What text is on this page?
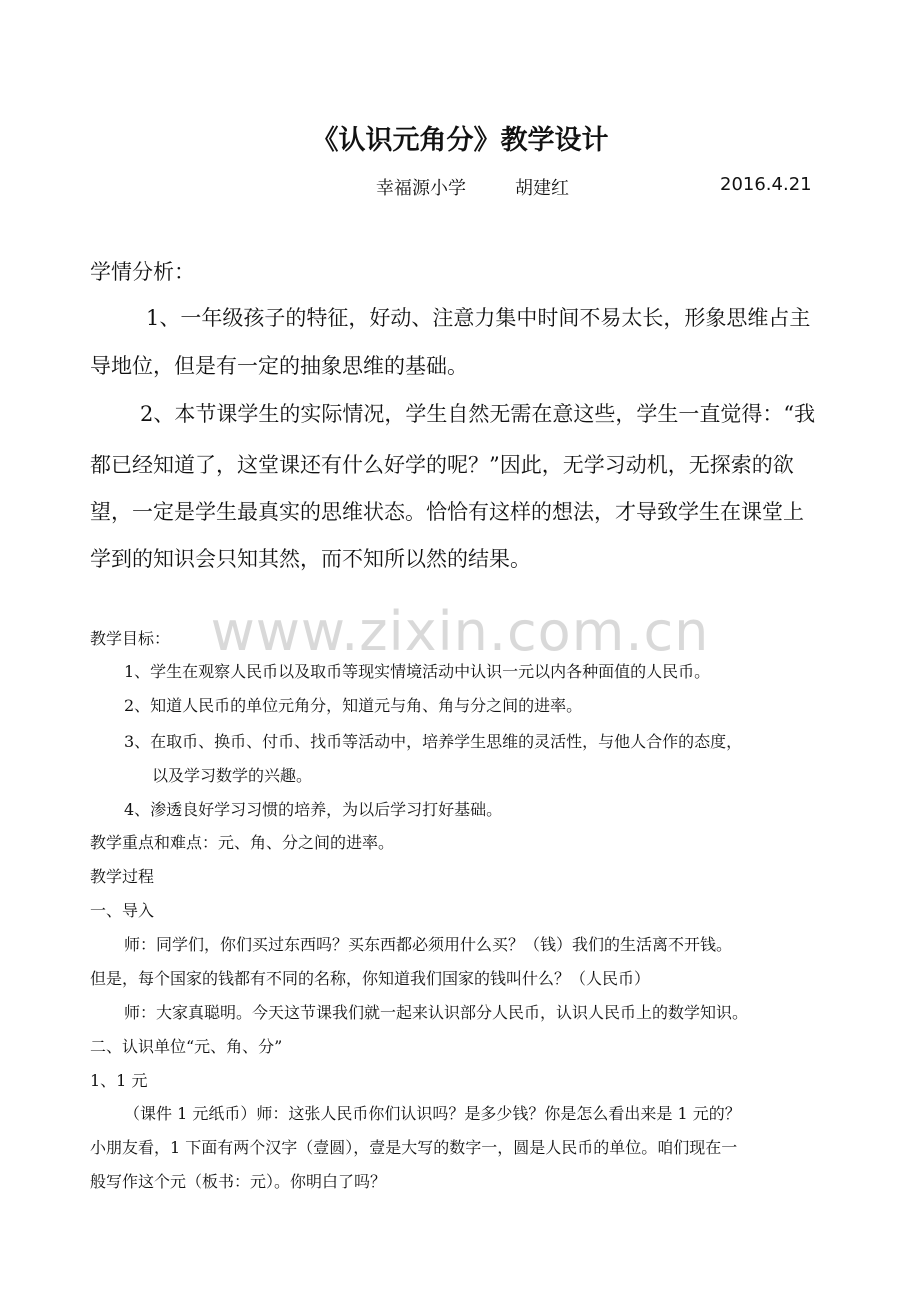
www.zixin.com.cn
《认识元角分》教学设计
幸福源小学	胡建红	2016.4.21
学情分析：
1、一年级孩子的特征，好动、注意力集中时间不易太长，形象思维占主
导地位，但是有一定的抽象思维的基础。
2、本节课学生的实际情况，学生自然无需在意这些，学生一直觉得：“我
都已经知道了，这堂课还有什么好学的呢？”因此，无学习动机，无探索的欲
望，一定是学生最真实的思维状态。恰恰有这样的想法，才导致学生在课堂上
学到的知识会只知其然，而不知所以然的结果。
教学目标：
1、学生在观察人民币以及取币等现实情境活动中认识一元以内各种面值的人民币。
2、知道人民币的单位元角分，知道元与角、角与分之间的进率。
3、在取币、换币、付币、找币等活动中，培养学生思维的灵活性，与他人合作的态度，
以及学习数学的兴趣。
4、渗透良好学习习惯的培养，为以后学习打好基础。
教学重点和难点：元、角、分之间的进率。
教学过程
一、导入
师：同学们，你们买过东西吗？买东西都必须用什么买？（钱）我们的生活离不开钱。
但是，每个国家的钱都有不同的名称，你知道我们国家的钱叫什么？（人民币）
师：大家真聪明。今天这节课我们就一起来认识部分人民币，认识人民币上的数学知识。
二、认识单位“元、角、分”
1、1 元
（课件 1 元纸币）师：这张人民币你们认识吗？是多少钱？你是怎么看出来是 1 元的？
小朋友看，1 下面有两个汉字（壹圆），壹是大写的数字一，圆是人民币的单位。咱们现在一
般写作这个元（板书：元）。你明白了吗？
